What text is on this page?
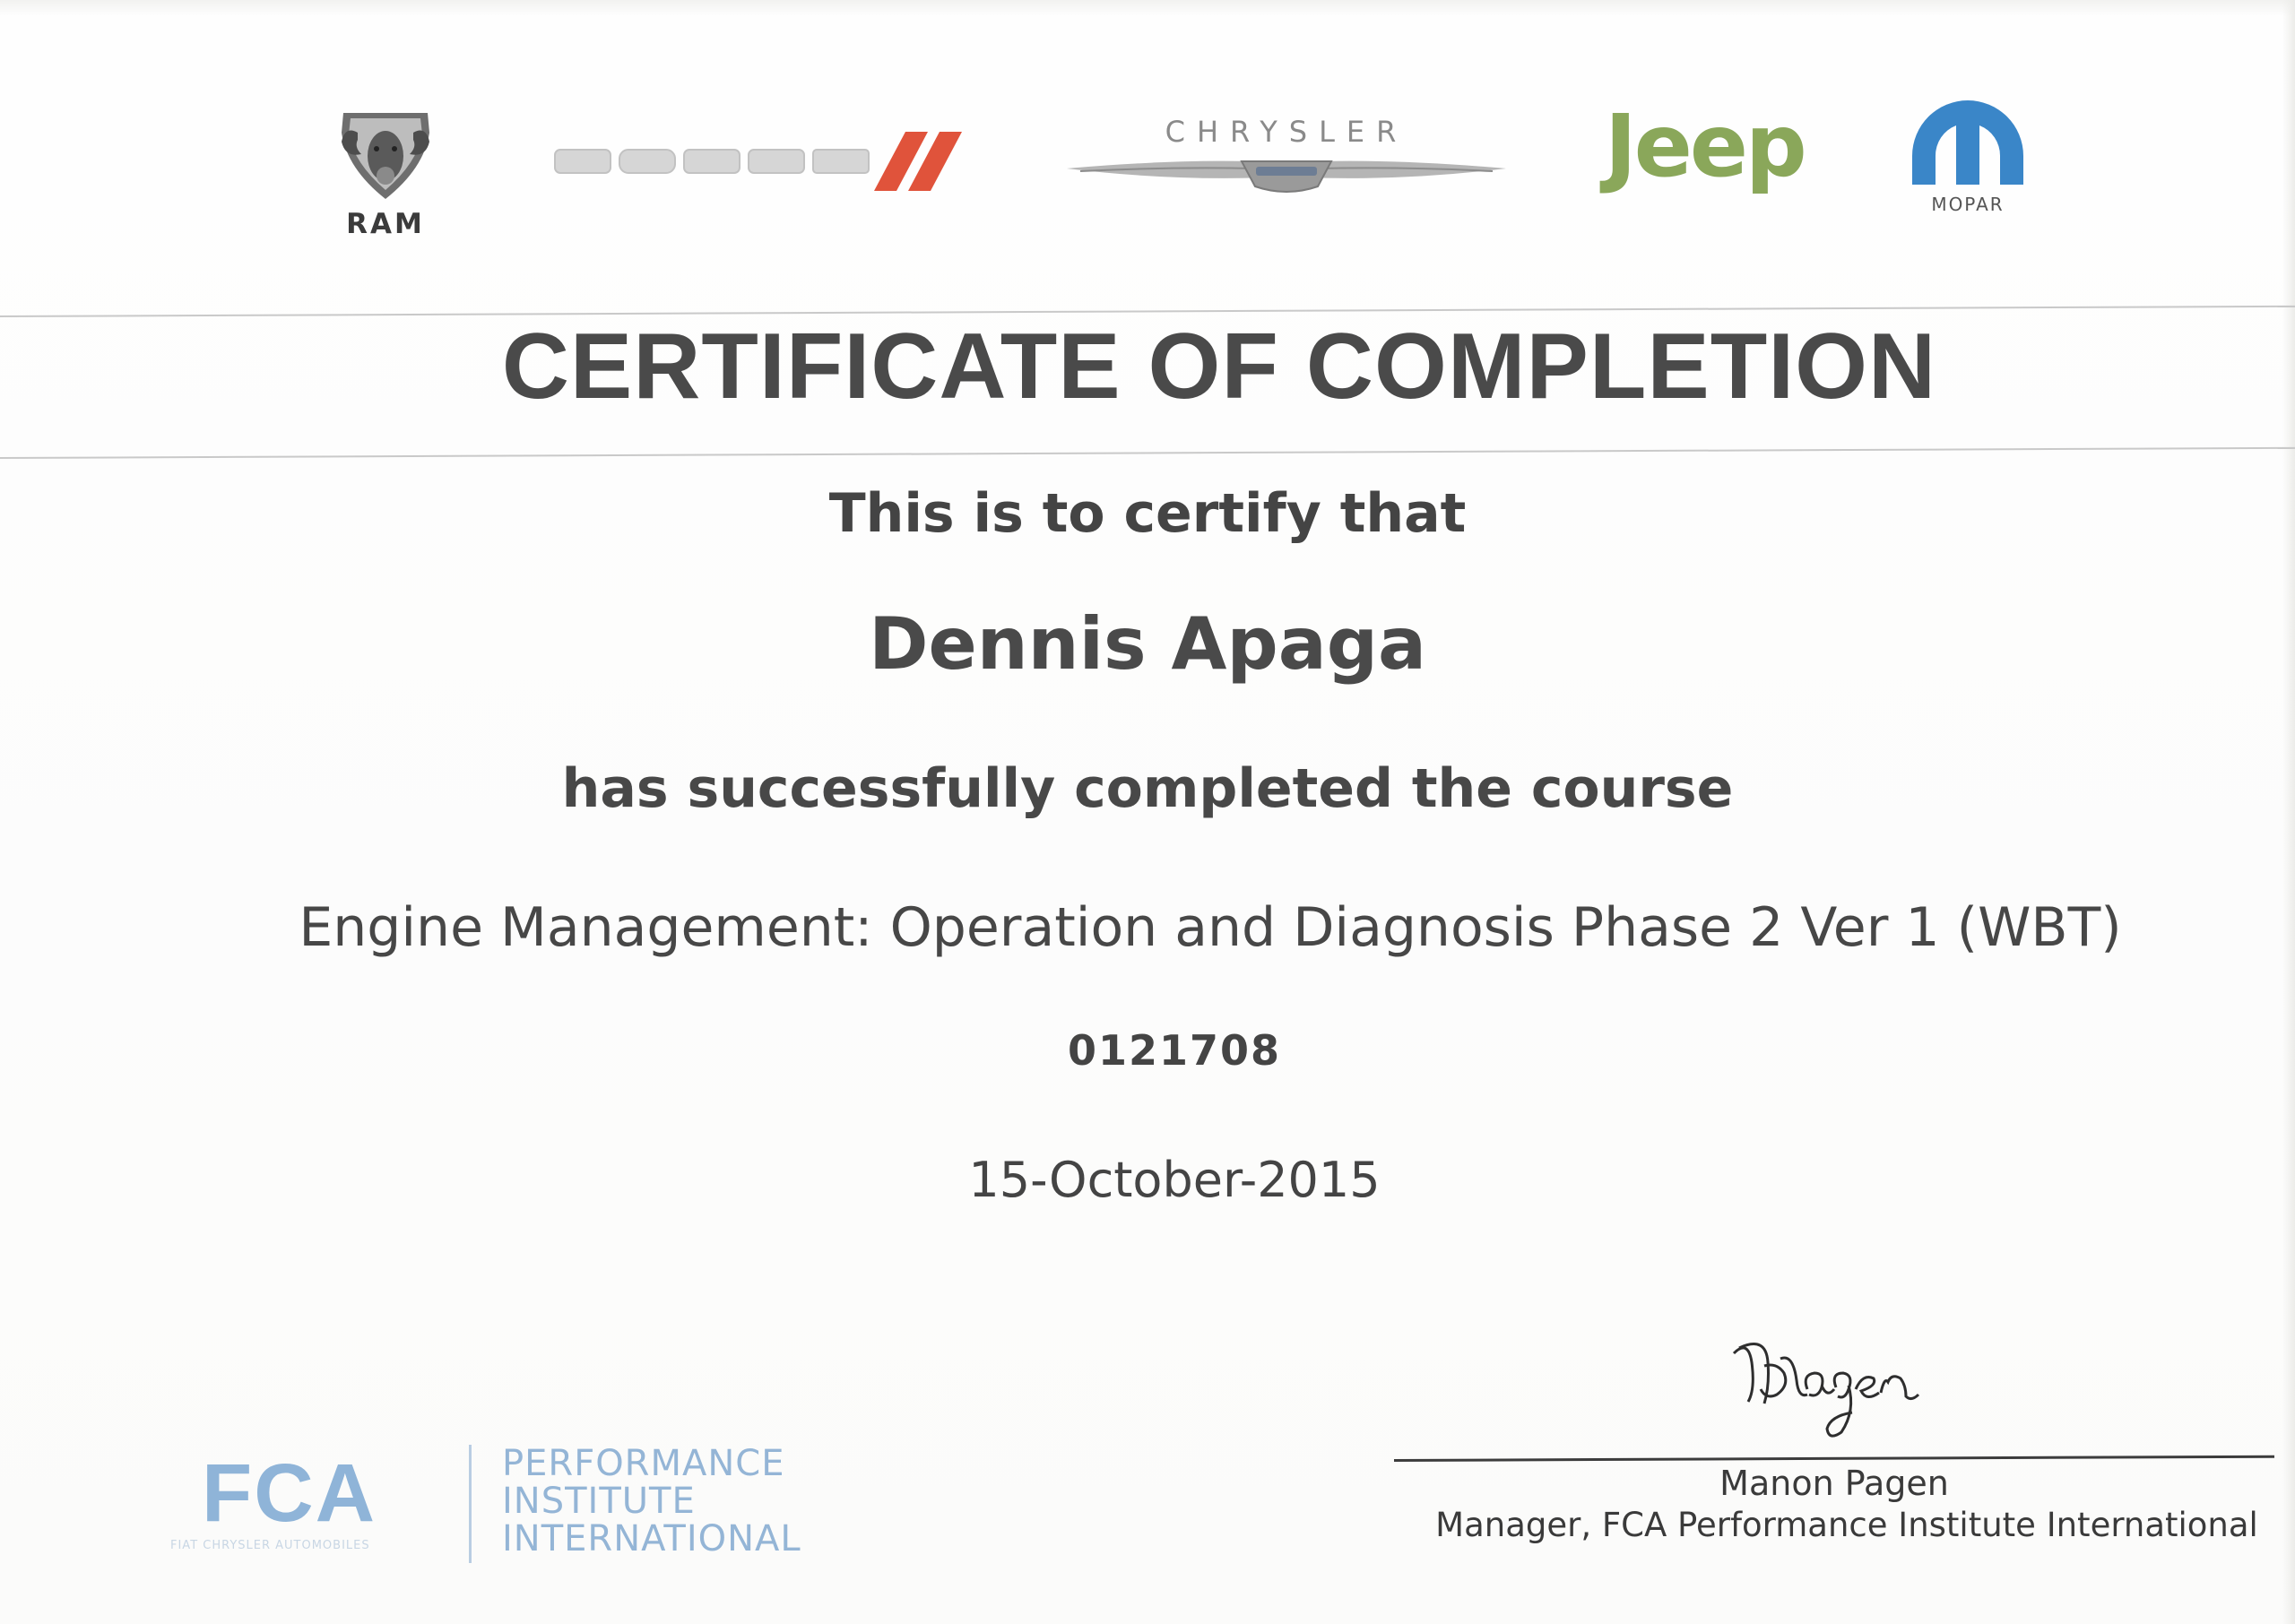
RAM
CHRYSLER	Jeep
MOPAR
CERTIFICATE OF COMPLETION
This is to certify that
Dennis Apaga
has successfully completed the course
Engine Management: Operation and Diagnosis Phase 2 Ver 1 (WBT)
0121708
15-October-2015
FCA
FIAT CHRYSLER AUTOMOBILES
PERFORMANCE
INSTITUTE
INTERNATIONAL
Manon Pagen
Manager, FCA Performance Institute International
